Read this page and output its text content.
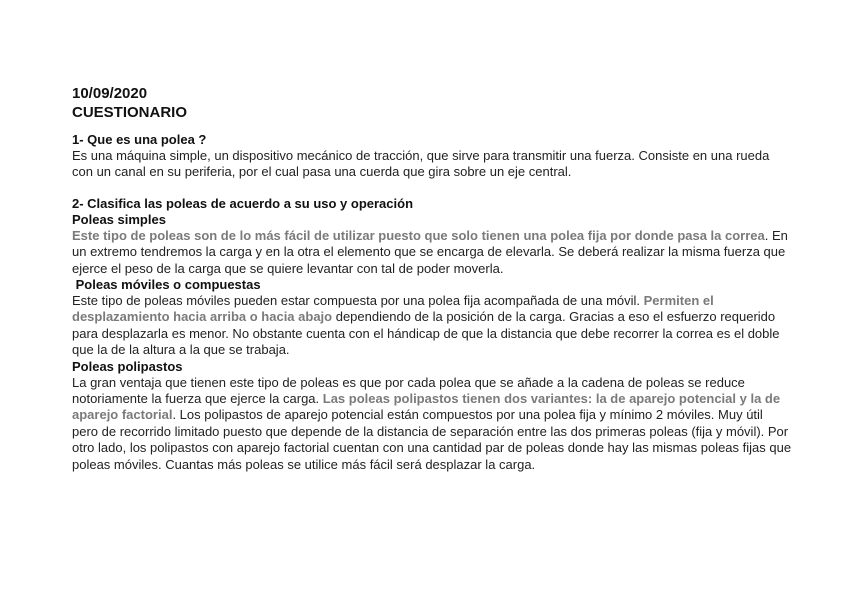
10/09/2020
CUESTIONARIO
1- Que es una polea ?

Es una máquina simple, un dispositivo mecánico de tracción, que sirve para transmitir una fuerza. Consiste en una rueda con un canal en su periferia, por el cual pasa una cuerda que gira sobre un eje central.

2- Clasifica las poleas de acuerdo a su uso y operación
Poleas simples

Este tipo de poleas son de lo más fácil de utilizar puesto que solo tienen una polea fija por donde pasa la correa. En un extremo tendremos la carga y en la otra el elemento que se encarga de elevarla. Se deberá realizar la misma fuerza que ejerce el peso de la carga que se quiere levantar con tal de poder moverla.

Poleas móviles o compuestas

Este tipo de poleas móviles pueden estar compuesta por una polea fija acompañada de una móvil. Permiten el desplazamiento hacia arriba o hacia abajo dependiendo de la posición de la carga. Gracias a eso el esfuerzo requerido para desplazarla es menor. No obstante cuenta con el hándicap de que la distancia que debe recorrer la correa es el doble que la de la altura a la que se trabaja.

Poleas polipastos

La gran ventaja que tienen este tipo de poleas es que por cada polea que se añade a la cadena de poleas se reduce notoriamente la fuerza que ejerce la carga. Las poleas polipastos tienen dos variantes: la de aparejo potencial y la de aparejo factorial. Los polipastos de aparejo potencial están compuestos por una polea fija y mínimo 2 móviles. Muy útil pero de recorrido limitado puesto que depende de la distancia de separación entre las dos primeras poleas (fija y móvil). Por otro lado, los polipastos con aparejo factorial cuentan con una cantidad par de poleas donde hay las mismas poleas fijas que poleas móviles. Cuantas más poleas se utilice más fácil será desplazar la carga.
